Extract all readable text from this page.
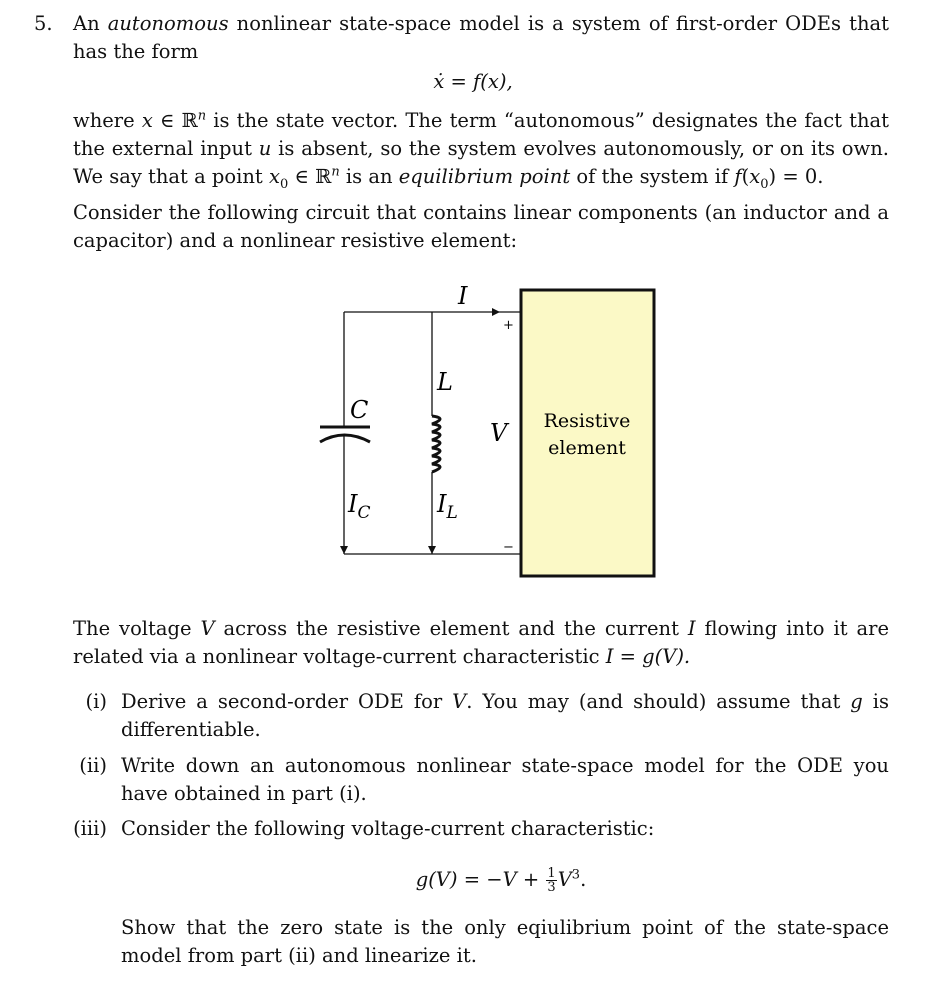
5. An autonomous nonlinear state-space model is a system of first-order ODEs that has the form
ẋ = f(x),
where x ∈ ℝ$^n$ is the state vector. The term “autonomous” designates the fact that the external input u is absent, so the system evolves autonomously, or on its own. We say that a point $x_0$ ∈ ℝ$^n$ is an equilibrium point of the system if $f(x_0) = 0$.
Consider the following circuit that contains linear components (an inductor and a capacitor) and a nonlinear resistive element:
Resistive
element
I
+
−
L
C
V
$I_C$	$I_L$
The voltage V across the resistive element and the current I flowing into it are related via a nonlinear voltage-current characteristic I = g(V).
(i) Derive a second-order ODE for V. You may (and should) assume that g is differentiable.
(ii) Write down an autonomous nonlinear state-space model for the ODE you have obtained in part (i).
(iii) Consider the following voltage-current characteristic:
$g(V) = -V + \frac{1}{3} V^3$.
Show that the zero state is the only eqiulibrium point of the state-space model from part (ii) and linearize it.
